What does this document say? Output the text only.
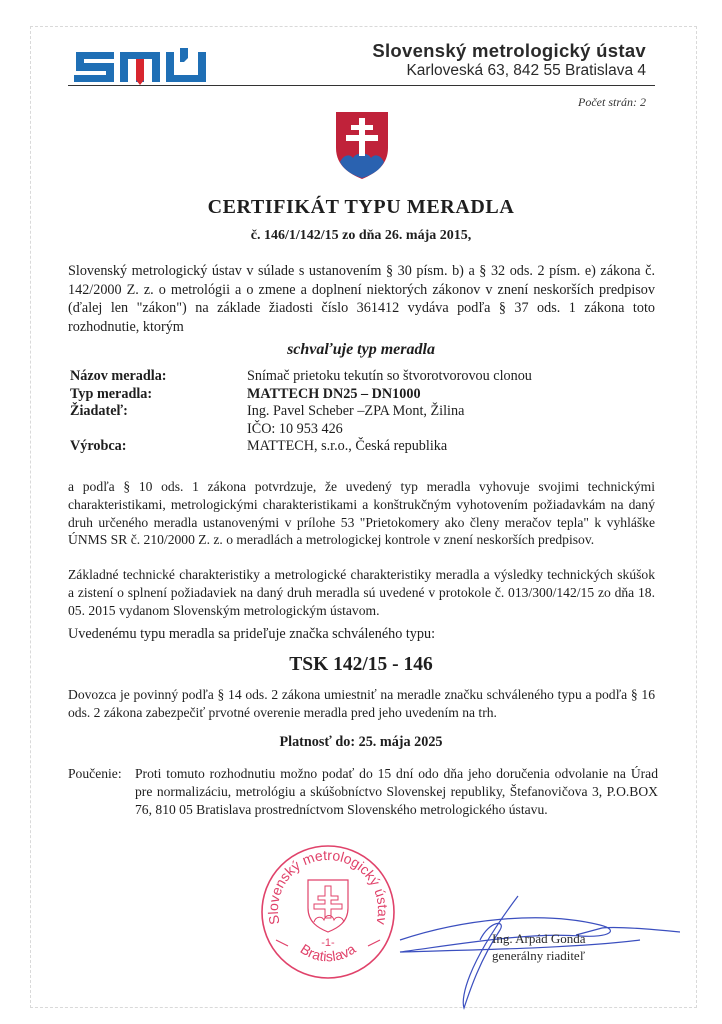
Slovenský metrologický ústav
Karloveská 63, 842 55 Bratislava 4
Počet strán: 2
CERTIFIKÁT TYPU MERADLA
č. 146/1/142/15 zo dňa 26. mája 2015,
Slovenský metrologický ústav v súlade s ustanovením § 30 písm. b) a § 32 ods. 2 písm. e) zákona č. 142/2000 Z. z. o metrológii a o zmene a doplnení niektorých zákonov v znení neskorších predpisov (ďalej len "zákon") na základe žiadosti číslo 361412 vydáva podľa § 37 ods. 1 zákona toto rozhodnutie, ktorým
schvaľuje typ meradla
Názov meradla:	Snímač prietoku tekutín so štvorotvorovou clonou
Typ meradla:	MATTECH DN25 – DN1000
Žiadateľ:	Ing. Pavel Scheber –ZPA Mont, Žilina
IČO: 10 953 426
Výrobca:	MATTECH, s.r.o., Česká republika
a podľa § 10 ods. 1 zákona potvrdzuje, že uvedený typ meradla vyhovuje svojimi technickými charakteristikami, metrologickými charakteristikami a konštrukčným vyhotovením požiadavkám na daný druh určeného meradla ustanovenými v prílohe 53 "Prietokomery ako členy meračov tepla" k vyhláške ÚNMS SR č. 210/2000 Z. z. o meradlách a metrologickej kontrole v znení neskorších predpisov.
Základné technické charakteristiky a metrologické charakteristiky meradla a výsledky technických skúšok a zistení o splnení požiadaviek na daný druh meradla sú uvedené v protokole č. 013/300/142/15 zo dňa 18. 05. 2015 vydanom Slovenským metrologickým ústavom.
Uvedenému typu meradla sa prideľuje značka schváleného typu:
TSK 142/15 - 146
Dovozca je povinný podľa § 14 ods. 2 zákona umiestniť na meradle značku schváleného typu a podľa § 16 ods. 2 zákona zabezpečiť prvotné overenie meradla pred jeho uvedením na trh.
Platnosť do: 25. mája 2025
Poučenie: Proti tomuto rozhodnutiu možno podať do 15 dní odo dňa jeho doručenia odvolanie na Úrad pre normalizáciu, metrológiu a skúšobníctvo Slovenskej republiky, Štefanovičova 3, P.O.BOX 76, 810 05 Bratislava prostredníctvom Slovenského metrologického ústavu.
Slovenský metrologický ústav
Bratislava
-1-	Ing. Arpád Gonda
generálny riaditeľ
